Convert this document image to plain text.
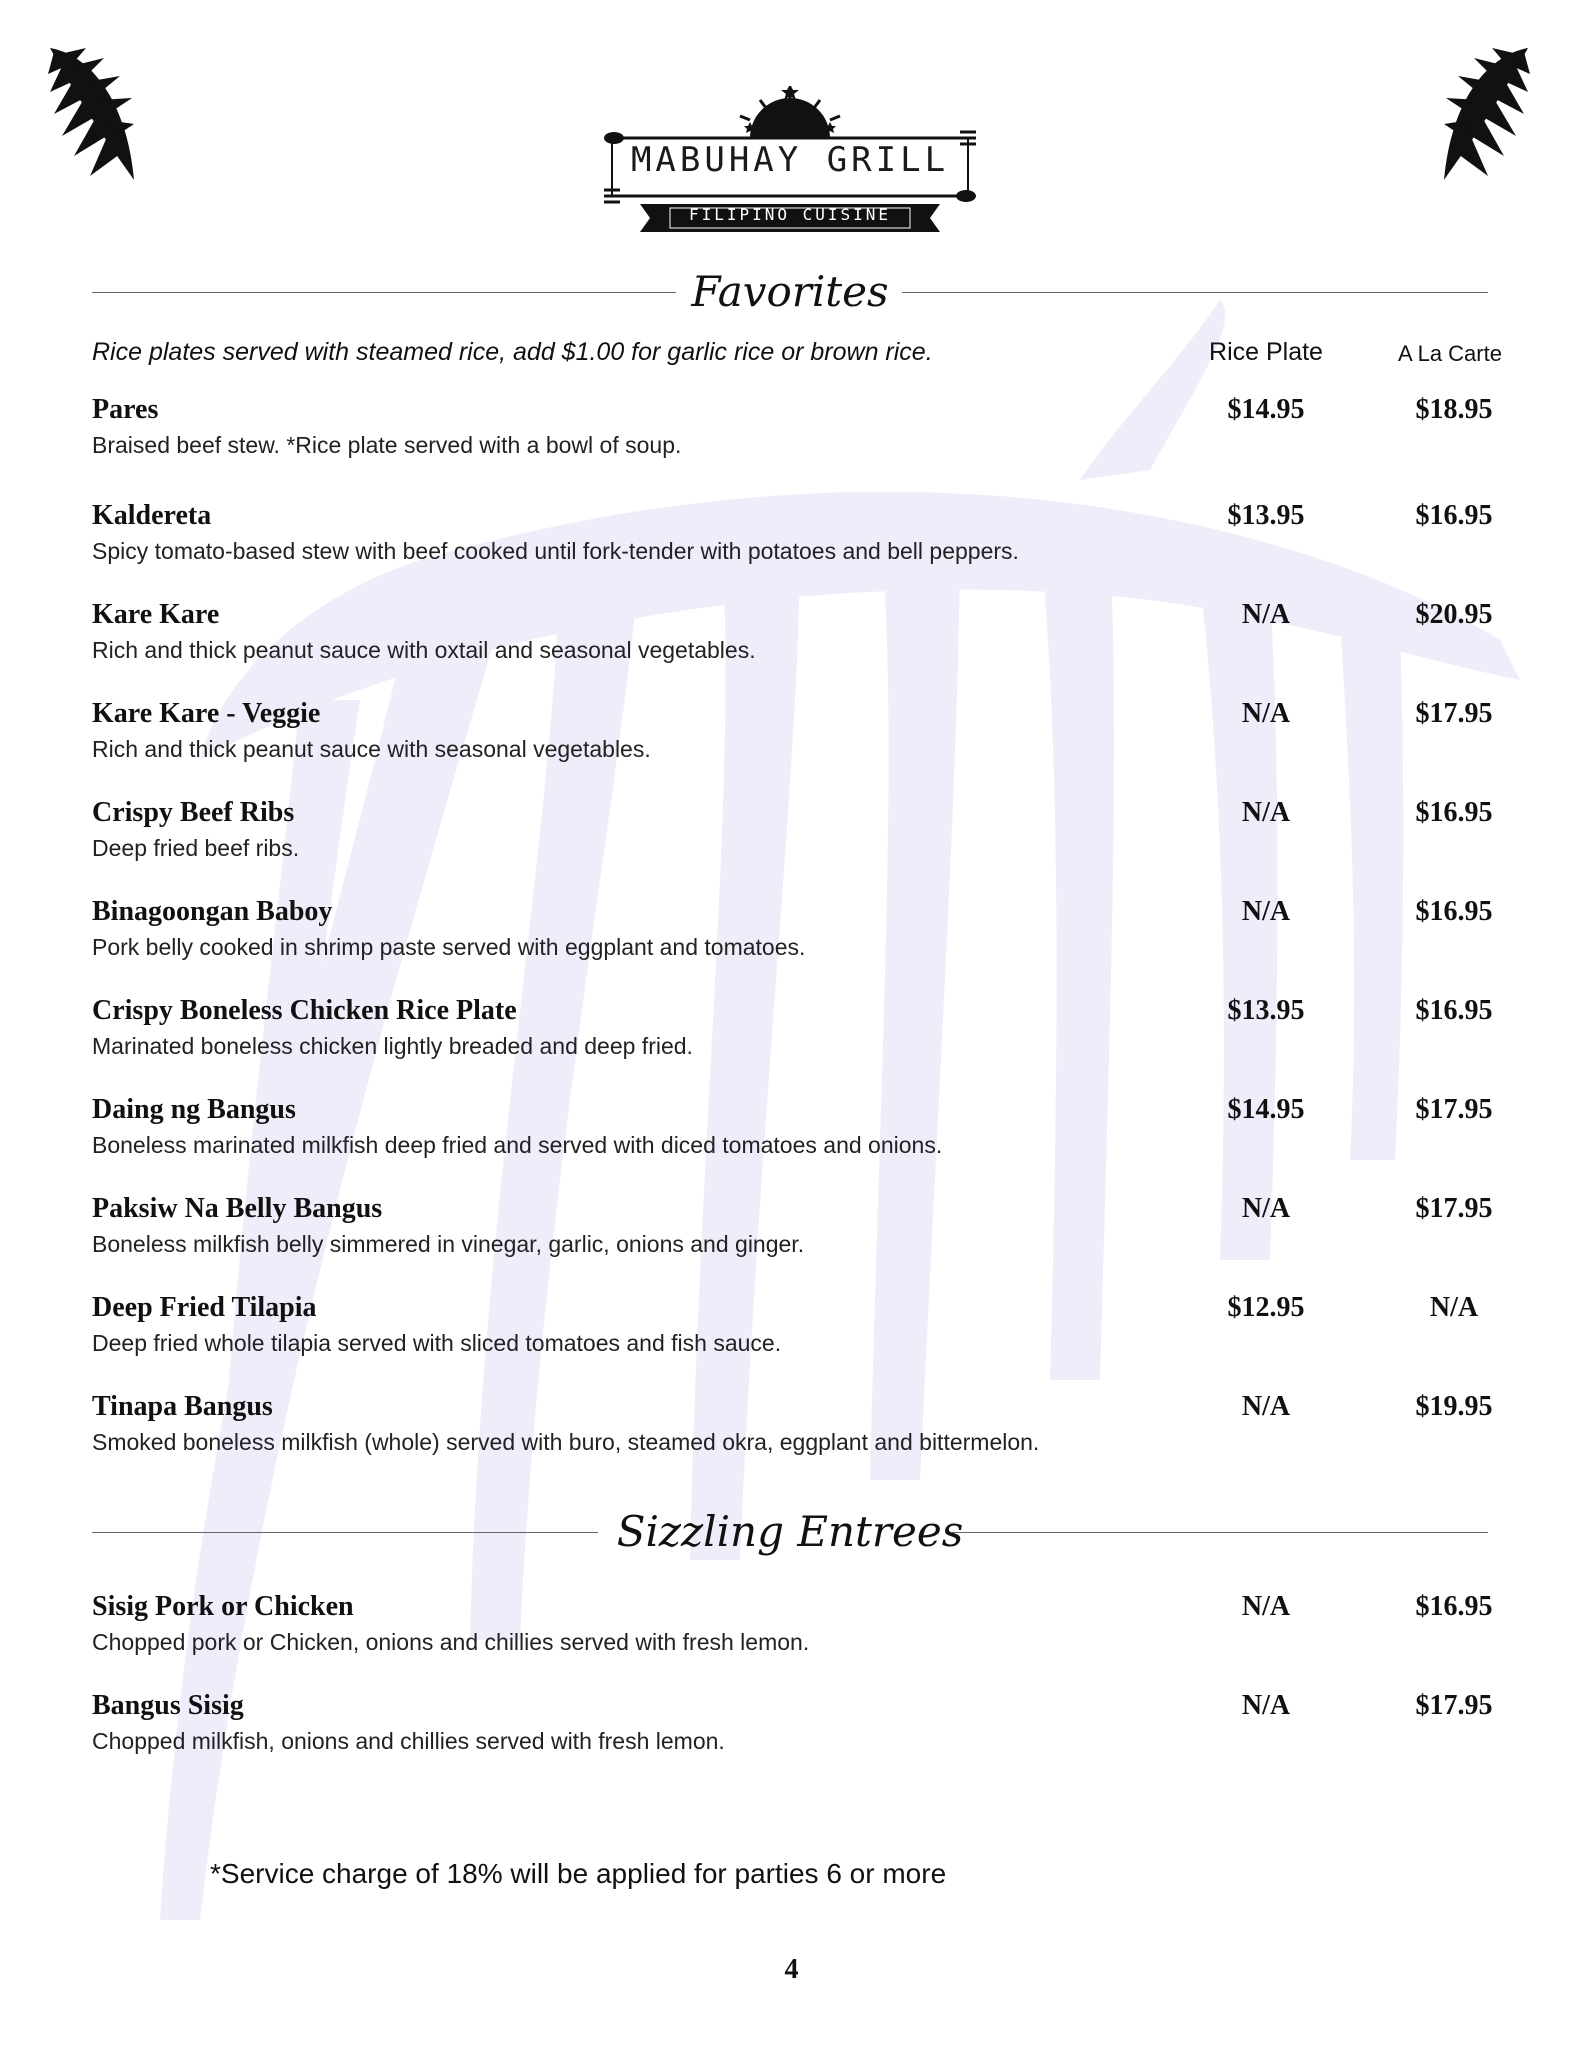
MABUHAY GRILL
FILIPINO CUISINE
Favorites
Rice plates served with steamed rice, add $1.00 for garlic rice or brown rice.	Rice Plate	A La Carte
Pares
Braised beef stew. *Rice plate served with a bowl of soup.
$14.95	$18.95
Kaldereta
Spicy tomato-based stew with beef cooked until fork-tender with potatoes and bell peppers.
$13.95	$16.95
Kare Kare
Rich and thick peanut sauce with oxtail and seasonal vegetables.
N/A	$20.95
Kare Kare - Veggie
Rich and thick peanut sauce with seasonal vegetables.
N/A	$17.95
Crispy Beef Ribs
Deep fried beef ribs.
N/A	$16.95
Binagoongan Baboy
Pork belly cooked in shrimp paste served with eggplant and tomatoes.
N/A	$16.95
Crispy Boneless Chicken Rice Plate
Marinated boneless chicken lightly breaded and deep fried.
$13.95	$16.95
Daing ng Bangus
Boneless marinated milkfish deep fried and served with diced tomatoes and onions.
$14.95	$17.95
Paksiw Na Belly Bangus
Boneless milkfish belly simmered in vinegar, garlic, onions and ginger.
N/A	$17.95
Deep Fried Tilapia
Deep fried whole tilapia served with sliced tomatoes and fish sauce.
$12.95	N/A
Tinapa Bangus
Smoked boneless milkfish (whole) served with buro, steamed okra, eggplant and bittermelon.
N/A	$19.95
Sizzling Entrees
Sisig Pork or Chicken
Chopped pork or Chicken, onions and chillies served with fresh lemon.
N/A	$16.95
Bangus Sisig
Chopped milkfish, onions and chillies served with fresh lemon.
N/A	$17.95
*Service charge of 18% will be applied for parties 6 or more
4
